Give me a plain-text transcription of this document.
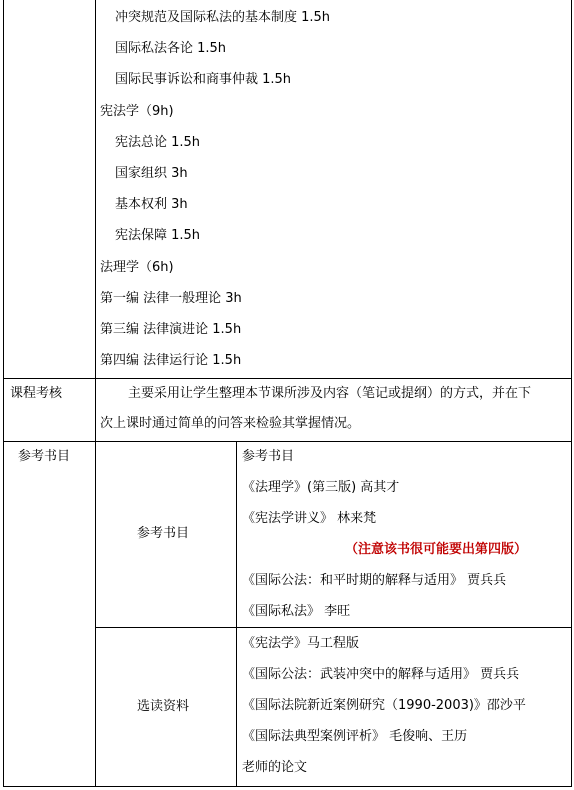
冲突规范及国际私法的基本制度 1.5h
国际私法各论 1.5h
国际民事诉讼和商事仲裁 1.5h
宪法学（9h)
宪法总论 1.5h
国家组织 3h
基本权利 3h
宪法保障 1.5h
法理学（6h)
第一编 法律一般理论 3h
第三编 法律演进论 1.5h
第四编 法律运行论 1.5h
课程考核	主要采用让学生整理本节课所涉及内容（笔记或提纲）的方式，并在下
次上课时通过简单的问答来检验其掌握情况。
参考书目
参考书目
参考书目
《法理学》(第三版) 高其才
《宪法学讲义》 林来梵
（注意该书很可能要出第四版）
《国际公法：和平时期的解释与适用》 贾兵兵
《国际私法》 李旺
选读资料
《宪法学》马工程版
《国际公法：武装冲突中的解释与适用》 贾兵兵
《国际法院新近案例研究（1990-2003)》邵沙平
《国际法典型案例评析》 毛俊响、王历
老师的论文
